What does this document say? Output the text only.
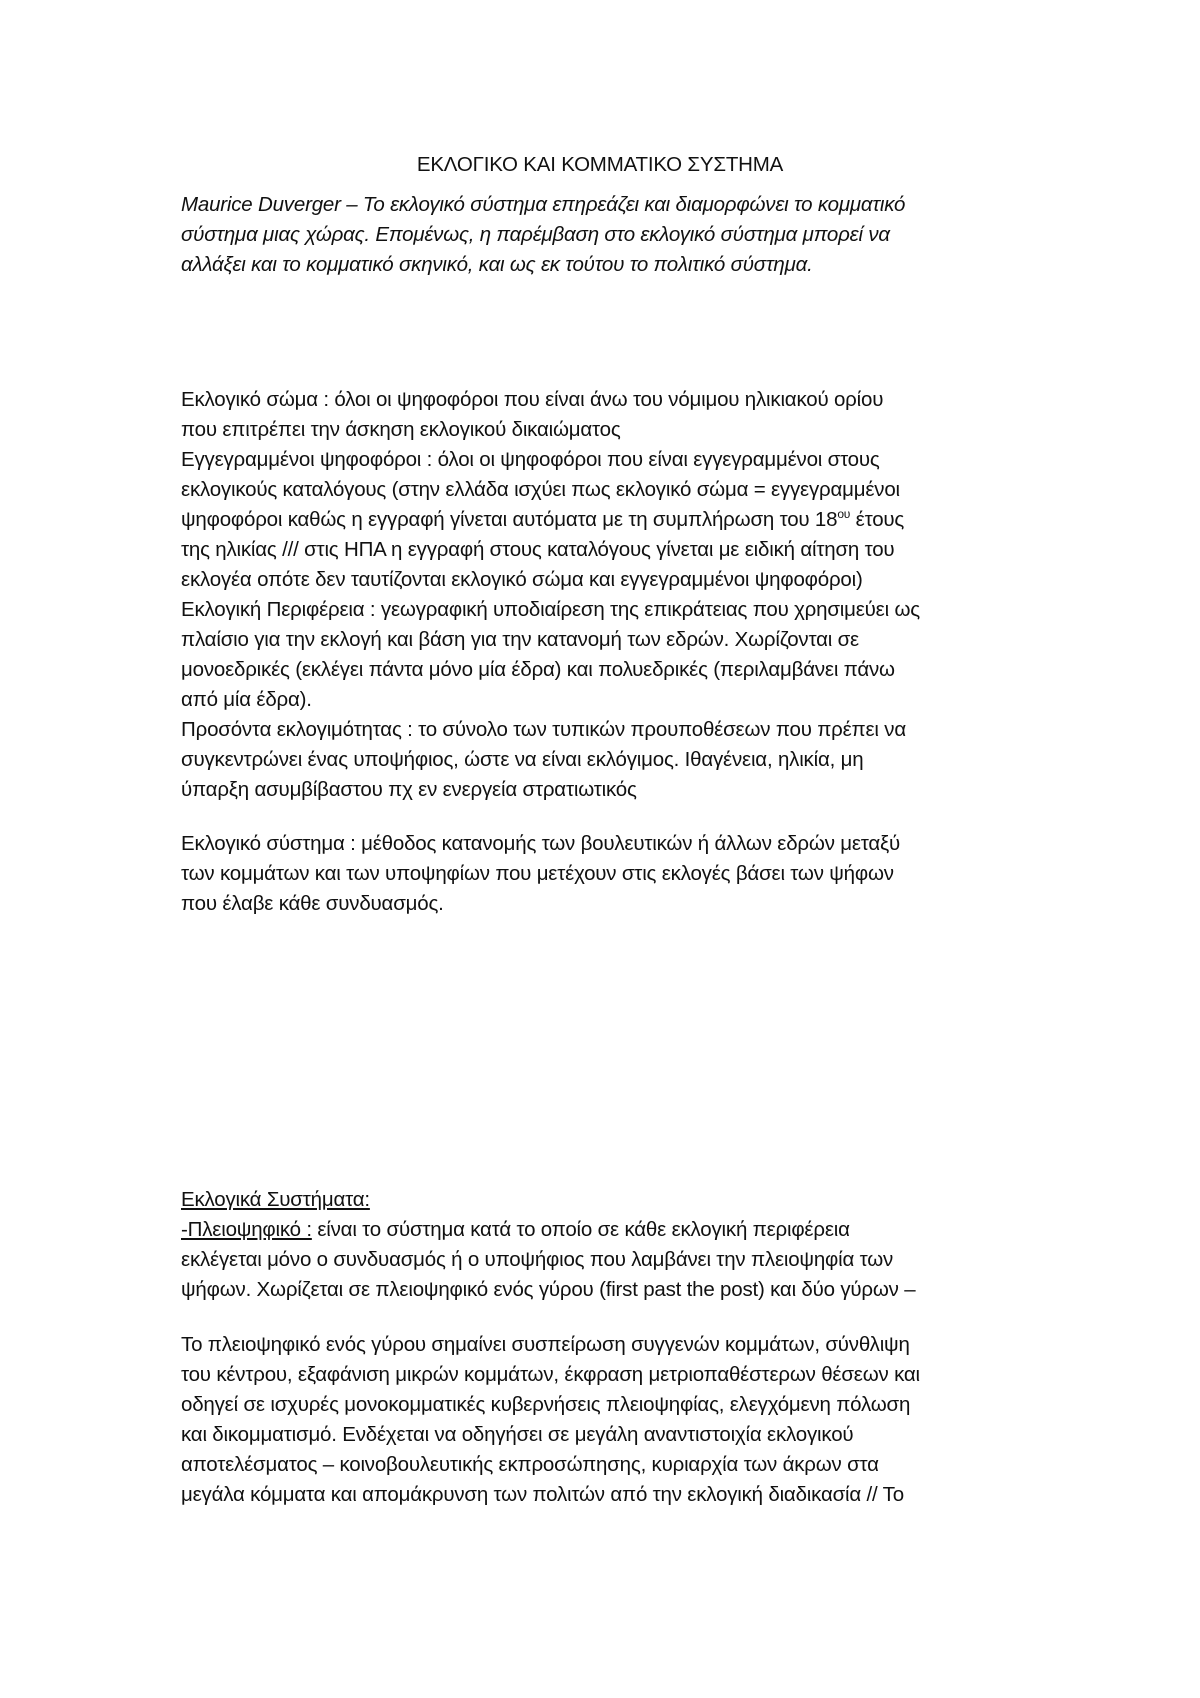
ΕΚΛΟΓΙΚΟ ΚΑΙ ΚΟΜΜΑΤΙΚΟ ΣΥΣΤΗΜΑ
Maurice Duverger – Το εκλογικό σύστημα επηρεάζει και διαμορφώνει το κομματικό
σύστημα μιας χώρας. Επομένως, η παρέμβαση στο εκλογικό σύστημα μπορεί να
αλλάξει και το κομματικό σκηνικό, και ως εκ τούτου το πολιτικό σύστημα.
Εκλογικό σώμα : όλοι οι ψηφοφόροι που είναι άνω του νόμιμου ηλικιακού ορίου
που επιτρέπει την άσκηση εκλογικού δικαιώματος
Εγγεγραμμένοι ψηφοφόροι : όλοι οι ψηφοφόροι που είναι εγγεγραμμένοι στους
εκλογικούς καταλόγους (στην ελλάδα ισχύει πως εκλογικό σώμα = εγγεγραμμένοι
ψηφοφόροι καθώς η εγγραφή γίνεται αυτόματα με τη συμπλήρωση του $18^{o\upsilon}$ έτους
της ηλικίας /// στις ΗΠΑ η εγγραφή στους καταλόγους γίνεται με ειδική αίτηση του
εκλογέα οπότε δεν ταυτίζονται εκλογικό σώμα και εγγεγραμμένοι ψηφοφόροι)
Εκλογική Περιφέρεια : γεωγραφική υποδιαίρεση της επικράτειας που χρησιμεύει ως
πλαίσιο για την εκλογή και βάση για την κατανομή των εδρών. Χωρίζονται σε
μονοεδρικές (εκλέγει πάντα μόνο μία έδρα) και πολυεδρικές (περιλαμβάνει πάνω
από μία έδρα).
Προσόντα εκλογιμότητας : το σύνολο των τυπικών προυποθέσεων που πρέπει να
συγκεντρώνει ένας υποψήφιος, ώστε να είναι εκλόγιμος. Ιθαγένεια, ηλικία, μη
ύπαρξη ασυμβίβαστου πχ εν ενεργεία στρατιωτικός
Εκλογικό σύστημα : μέθοδος κατανομής των βουλευτικών ή άλλων εδρών μεταξύ
των κομμάτων και των υποψηφίων που μετέχουν στις εκλογές βάσει των ψήφων
που έλαβε κάθε συνδυασμός.
Εκλογικά Συστήματα:
-Πλειοψηφικό : είναι το σύστημα κατά το οποίο σε κάθε εκλογική περιφέρεια
εκλέγεται μόνο ο συνδυασμός ή ο υποψήφιος που λαμβάνει την πλειοψηφία των
ψήφων. Χωρίζεται σε πλειοψηφικό ενός γύρου (first past the post) και δύο γύρων –
Το πλειοψηφικό ενός γύρου σημαίνει συσπείρωση συγγενών κομμάτων, σύνθλιψη
του κέντρου, εξαφάνιση μικρών κομμάτων, έκφραση μετριοπαθέστερων θέσεων και
οδηγεί σε ισχυρές μονοκομματικές κυβερνήσεις πλειοψηφίας, ελεγχόμενη πόλωση
και δικομματισμό. Ενδέχεται να οδηγήσει σε μεγάλη αναντιστοιχία εκλογικού
αποτελέσματος – κοινοβουλευτικής εκπροσώπησης, κυριαρχία των άκρων στα
μεγάλα κόμματα και απομάκρυνση των πολιτών από την εκλογική διαδικασία // Το
